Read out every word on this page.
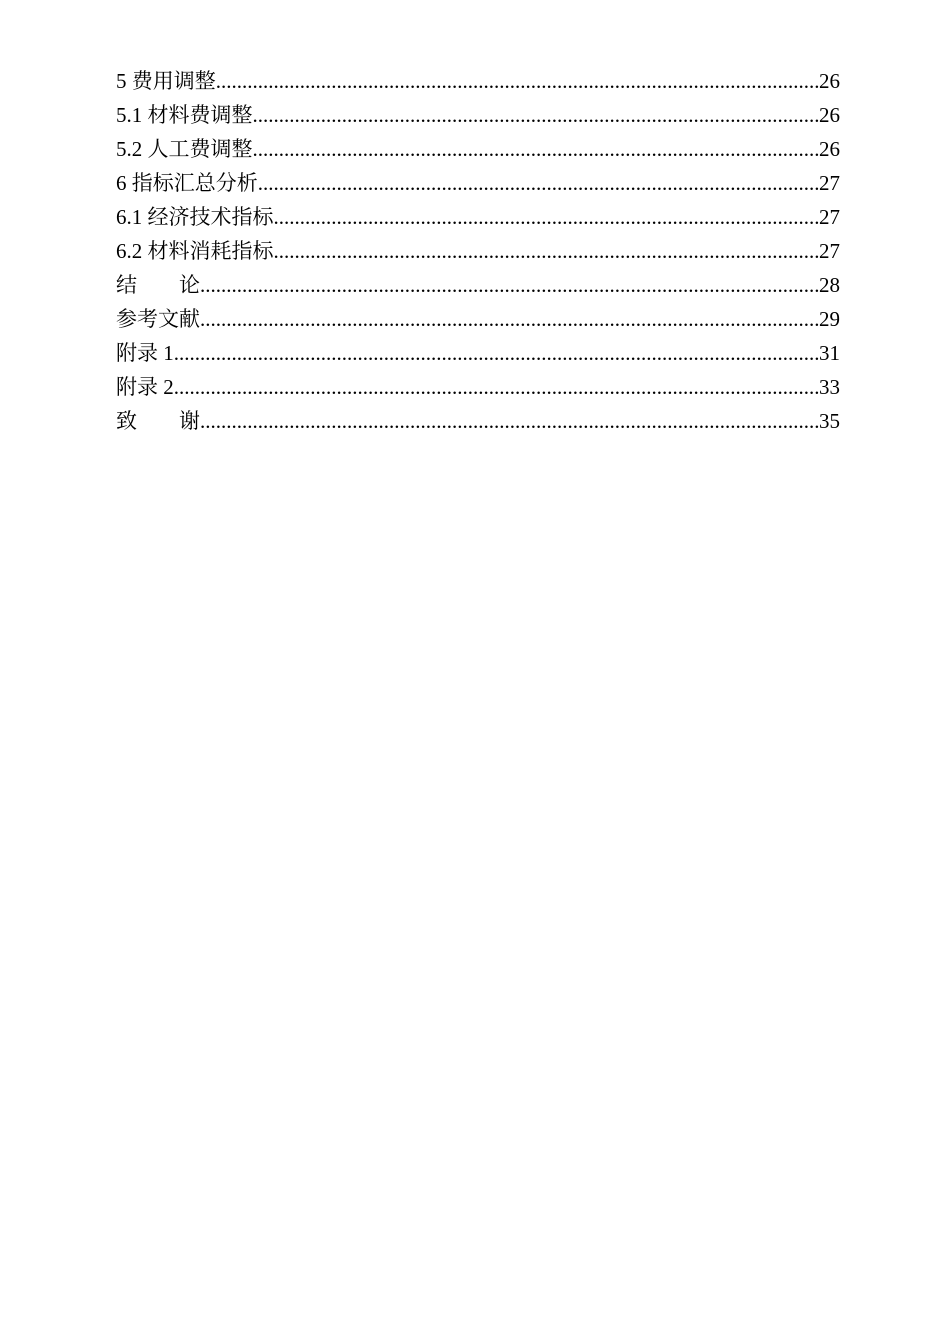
5 费用调整 .....	26
5.1 材料费调整 .....	26
5.2 人工费调整 .....	26
6 指标汇总分析 .....	27
6.1 经济技术指标 .....	27
6.2 材料消耗指标 .....	27
结　　论 .....	28
参考文献 .....	29
附录 1 .....	31
附录 2 .....	33
致　　谢 .....	35
